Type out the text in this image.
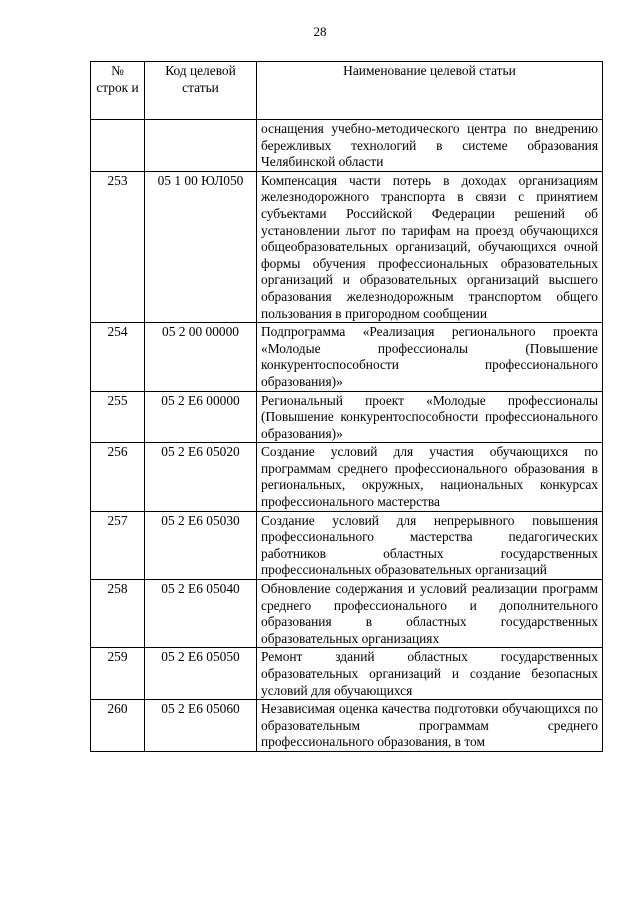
28
№ строк и	Код целевой статьи	Наименование целевой статьи
		оснащения учебно-методического центра по внедрению бережливых технологий в системе образования Челябинской области
253	05 1 00 ЮЛ050	Компенсация части потерь в доходах организациям железнодорожного транспорта в связи с принятием субъектами Российской Федерации решений об установлении льгот по тарифам на проезд обучающихся общеобразовательных организаций, обучающихся очной формы обучения профессиональных образовательных организаций и образовательных организаций высшего образования железнодорожным транспортом общего пользования в пригородном сообщении
254	05 2 00 00000	Подпрограмма «Реализация регионального проекта «Молодые профессионалы (Повышение конкурентоспособности профессионального образования)»
255	05 2 Е6 00000	Региональный проект «Молодые профессионалы (Повышение конкурентоспособности профессионального образования)»
256	05 2 Е6 05020	Создание условий для участия обучающихся по программам среднего профессионального образования в региональных, окружных, национальных конкурсах профессионального мастерства
257	05 2 Е6 05030	Создание условий для непрерывного повышения профессионального мастерства педагогических работников областных государственных профессиональных образовательных организаций
258	05 2 Е6 05040	Обновление содержания и условий реализации программ среднего профессионального и дополнительного образования в областных государственных образовательных организациях
259	05 2 Е6 05050	Ремонт зданий областных государственных образовательных организаций и создание безопасных условий для обучающихся
260	05 2 Е6 05060	Независимая оценка качества подготовки обучающихся по образовательным программам среднего профессионального образования, в том
